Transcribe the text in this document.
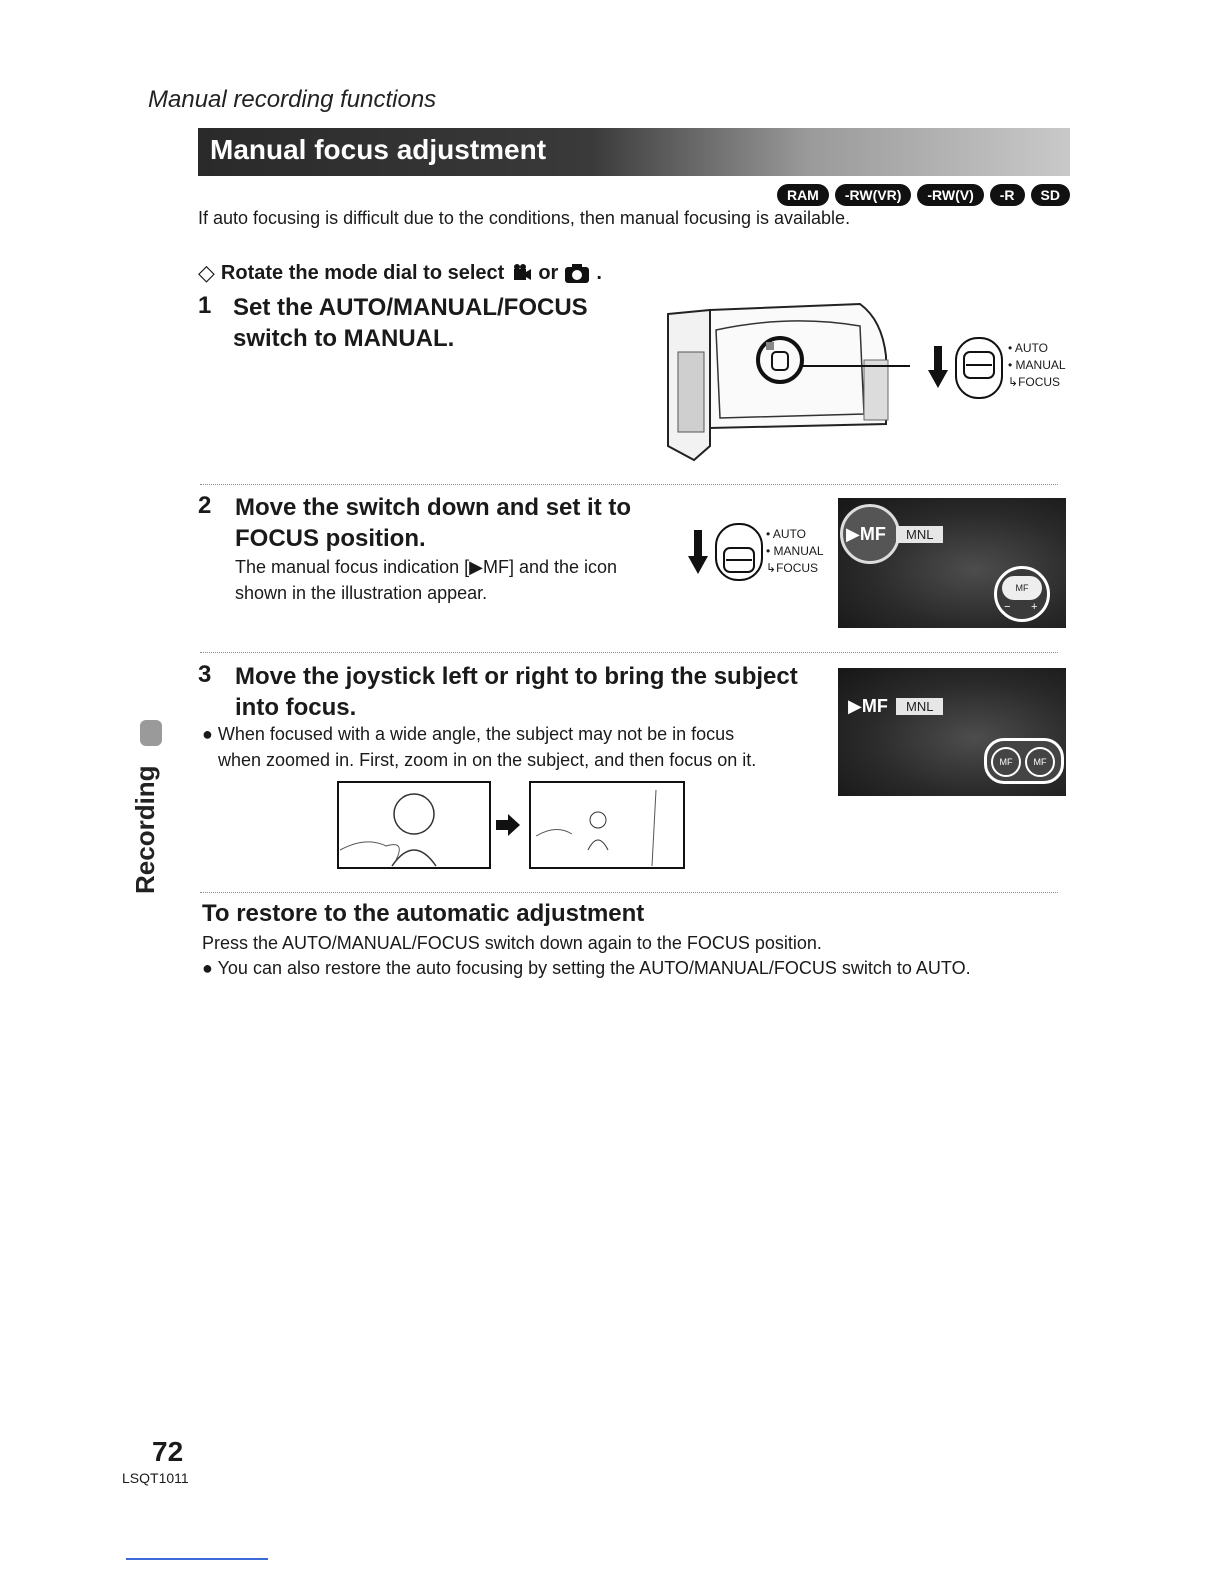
Manual recording functions
Manual focus adjustment
RAM	-RW(VR)	-RW(V)	-R	SD
If auto focusing is difficult due to the conditions, then manual focusing is available.
◇ Rotate the mode dial to select or .
1 Set the AUTO/MANUAL/FOCUS
switch to MANUAL.	• AUTO
• MANUAL
↳FOCUS
2 Move the switch down and set it to
FOCUS position.
The manual focus indication [▶MF] and the icon
shown in the illustration appear.
• AUTO
• MANUAL
↳FOCUS
▶MF	MNL
MF
− +
3 Move the joystick left or right to bring the subject
into focus.
● When focused with a wide angle, the subject may not be in focus
when zoomed in. First, zoom in on the subject, and then focus on it.
▶MF	MNL
MF	MF
To restore to the automatic adjustment
Press the AUTO/MANUAL/FOCUS switch down again to the FOCUS position.
● You can also restore the auto focusing by setting the AUTO/MANUAL/FOCUS switch to AUTO.
Recording
72
LSQT1011
